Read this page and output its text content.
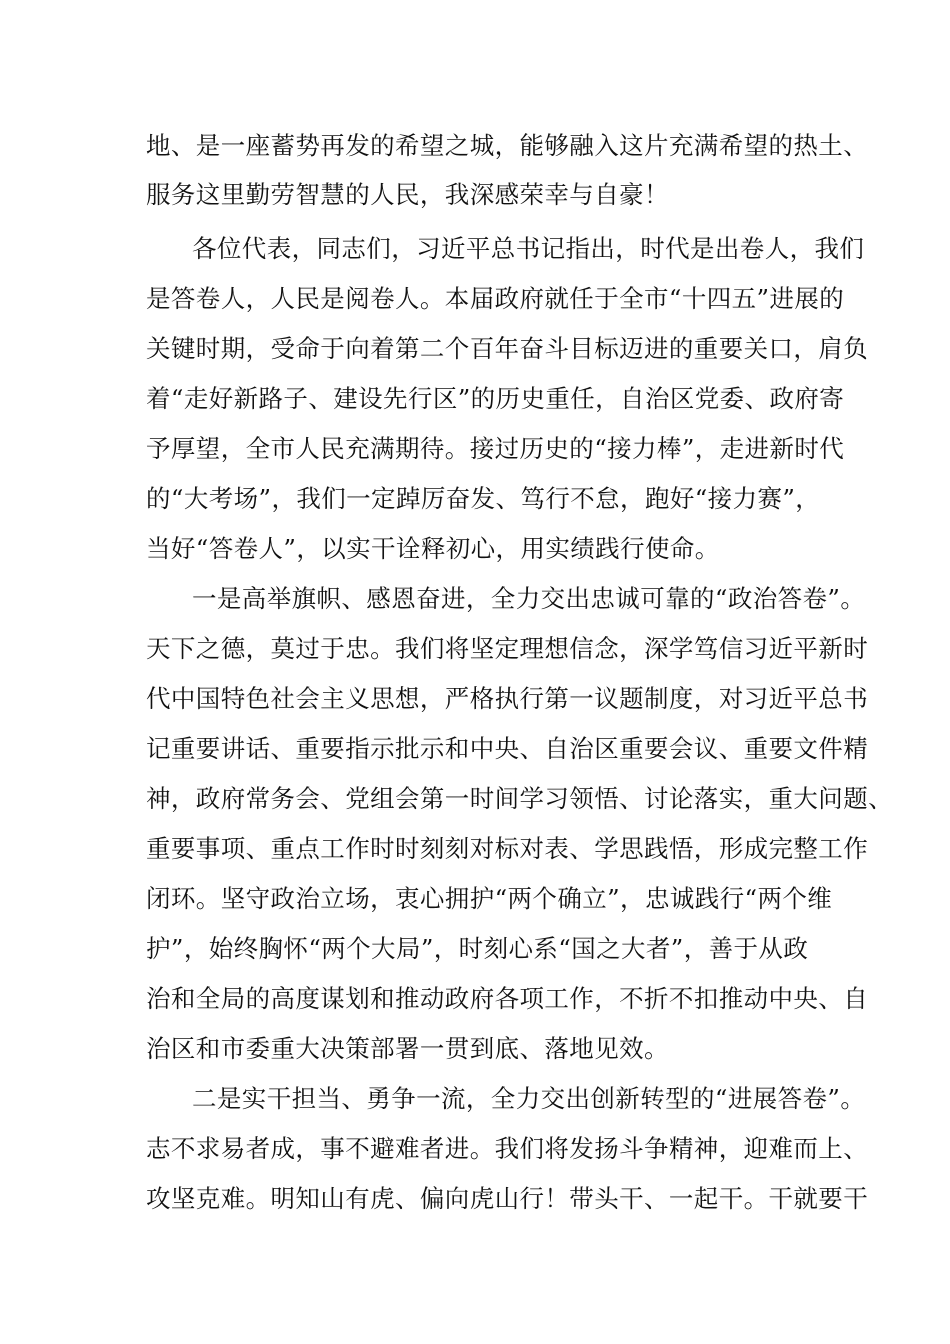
地、是一座蓄势再发的希望之城，能够融入这片充满希望的热土、
服务这里勤劳智慧的人民，我深感荣幸与自豪！
各位代表，同志们，习近平总书记指出，时代是出卷人，我们
是答卷人，人民是阅卷人。本届政府就任于全市“十四五”进展的
关键时期，受命于向着第二个百年奋斗目标迈进的重要关口，肩负
着“走好新路子、建设先行区”的历史重任，自治区党委、政府寄
予厚望，全市人民充满期待。接过历史的“接力棒”，走进新时代
的“大考场”，我们一定踔厉奋发、笃行不怠，跑好“接力赛”，
当好“答卷人”，以实干诠释初心，用实绩践行使命。
一是高举旗帜、感恩奋进，全力交出忠诚可靠的“政治答卷”。
天下之德，莫过于忠。我们将坚定理想信念，深学笃信习近平新时
代中国特色社会主义思想，严格执行第一议题制度，对习近平总书
记重要讲话、重要指示批示和中央、自治区重要会议、重要文件精
神，政府常务会、党组会第一时间学习领悟、讨论落实，重大问题、
重要事项、重点工作时时刻刻对标对表、学思践悟，形成完整工作
闭环。坚守政治立场，衷心拥护“两个确立”，忠诚践行“两个维
护”，始终胸怀“两个大局”，时刻心系“国之大者”，善于从政
治和全局的高度谋划和推动政府各项工作，不折不扣推动中央、自
治区和市委重大决策部署一贯到底、落地见效。
二是实干担当、勇争一流，全力交出创新转型的“进展答卷”。
志不求易者成，事不避难者进。我们将发扬斗争精神，迎难而上、
攻坚克难。明知山有虎、偏向虎山行！带头干、一起干。干就要干
